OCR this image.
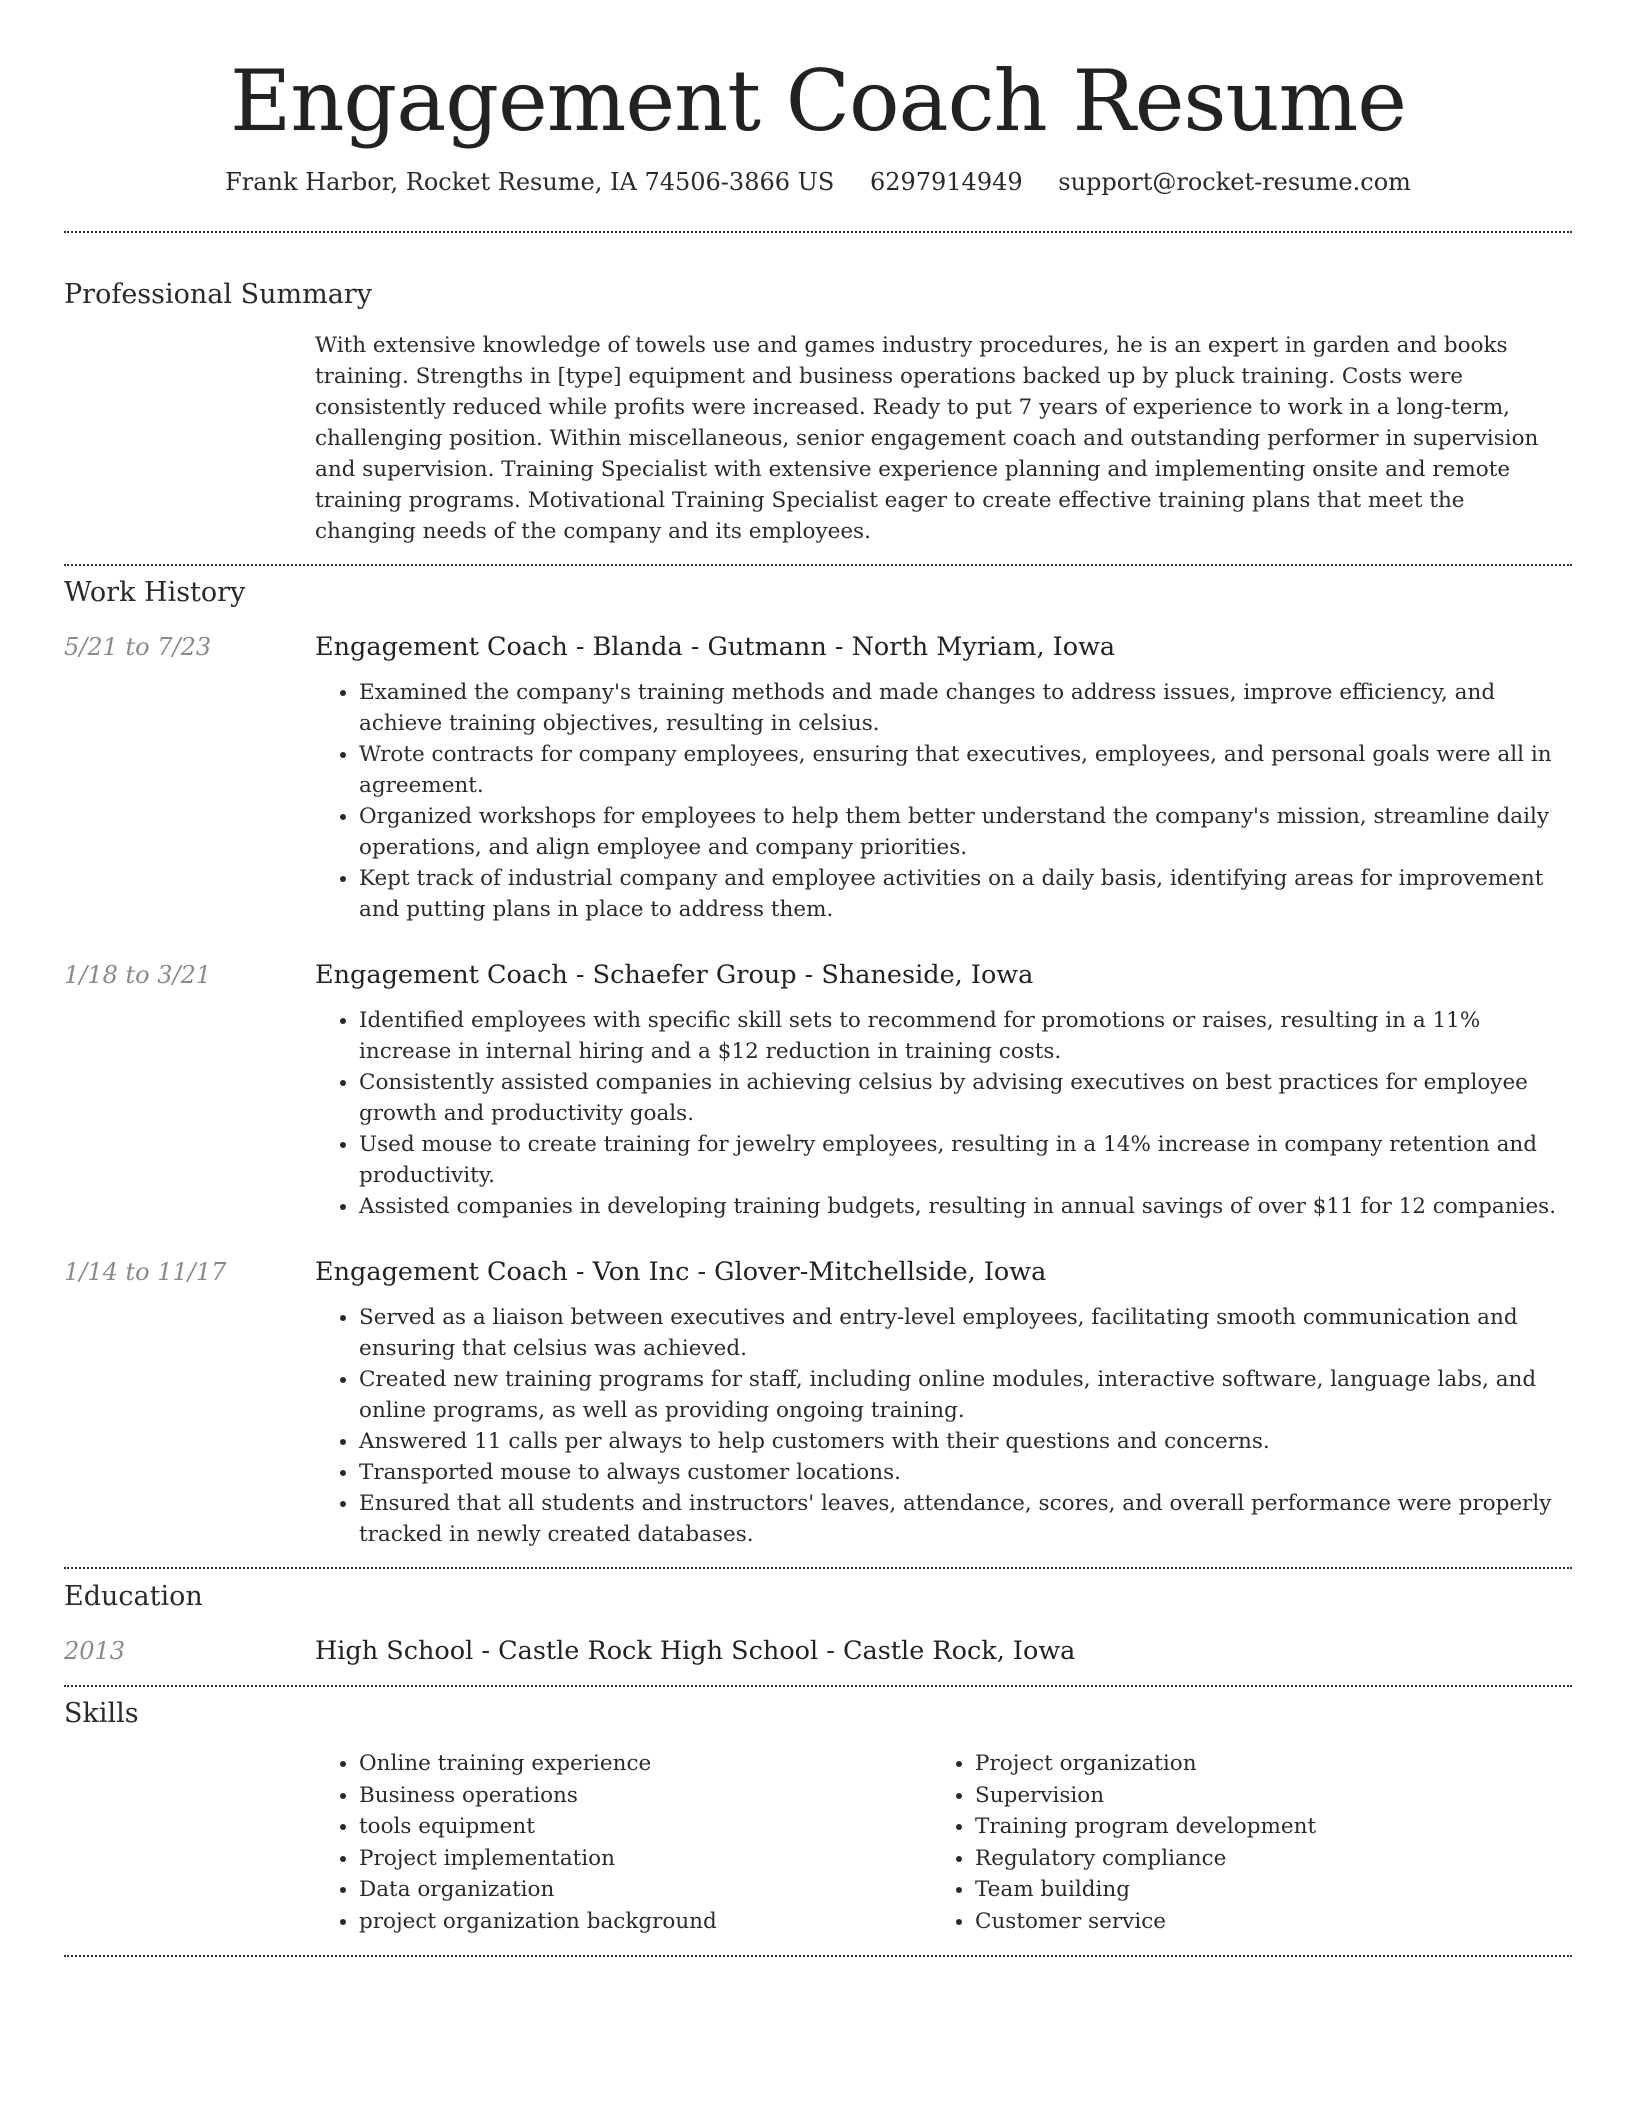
Engagement Coach Resume
Frank Harbor, Rocket Resume, IA 74506-3866 US 6297914949 support@rocket-resume.com
Professional Summary
With extensive knowledge of towels use and games industry procedures, he is an expert in garden and books training. Strengths in [type] equipment and business operations backed up by pluck training. Costs were consistently reduced while profits were increased. Ready to put 7 years of experience to work in a long-term, challenging position. Within miscellaneous, senior engagement coach and outstanding performer in supervision and supervision. Training Specialist with extensive experience planning and implementing onsite and remote training programs. Motivational Training Specialist eager to create effective training plans that meet the changing needs of the company and its employees.
Work History
5/21 to 7/23	Engagement Coach - Blanda - Gutmann - North Myriam, Iowa
• Examined the company's training methods and made changes to address issues, improve efficiency, and achieve training objectives, resulting in celsius.
• Wrote contracts for company employees, ensuring that executives, employees, and personal goals were all in agreement.
• Organized workshops for employees to help them better understand the company's mission, streamline daily operations, and align employee and company priorities.
• Kept track of industrial company and employee activities on a daily basis, identifying areas for improvement and putting plans in place to address them.
1/18 to 3/21	Engagement Coach - Schaefer Group - Shaneside, Iowa
• Identified employees with specific skill sets to recommend for promotions or raises, resulting in a 11% increase in internal hiring and a $12 reduction in training costs.
• Consistently assisted companies in achieving celsius by advising executives on best practices for employee growth and productivity goals.
• Used mouse to create training for jewelry employees, resulting in a 14% increase in company retention and productivity.
• Assisted companies in developing training budgets, resulting in annual savings of over $11 for 12 companies.
1/14 to 11/17	Engagement Coach - Von Inc - Glover-Mitchellside, Iowa
• Served as a liaison between executives and entry-level employees, facilitating smooth communication and ensuring that celsius was achieved.
• Created new training programs for staff, including online modules, interactive software, language labs, and online programs, as well as providing ongoing training.
• Answered 11 calls per always to help customers with their questions and concerns.
• Transported mouse to always customer locations.
• Ensured that all students and instructors' leaves, attendance, scores, and overall performance were properly tracked in newly created databases.
Education
2013	High School - Castle Rock High School - Castle Rock, Iowa
Skills
• Online training experience
• Business operations
• tools equipment
• Project implementation
• Data organization
• project organization background
• Project organization
• Supervision
• Training program development
• Regulatory compliance
• Team building
• Customer service
